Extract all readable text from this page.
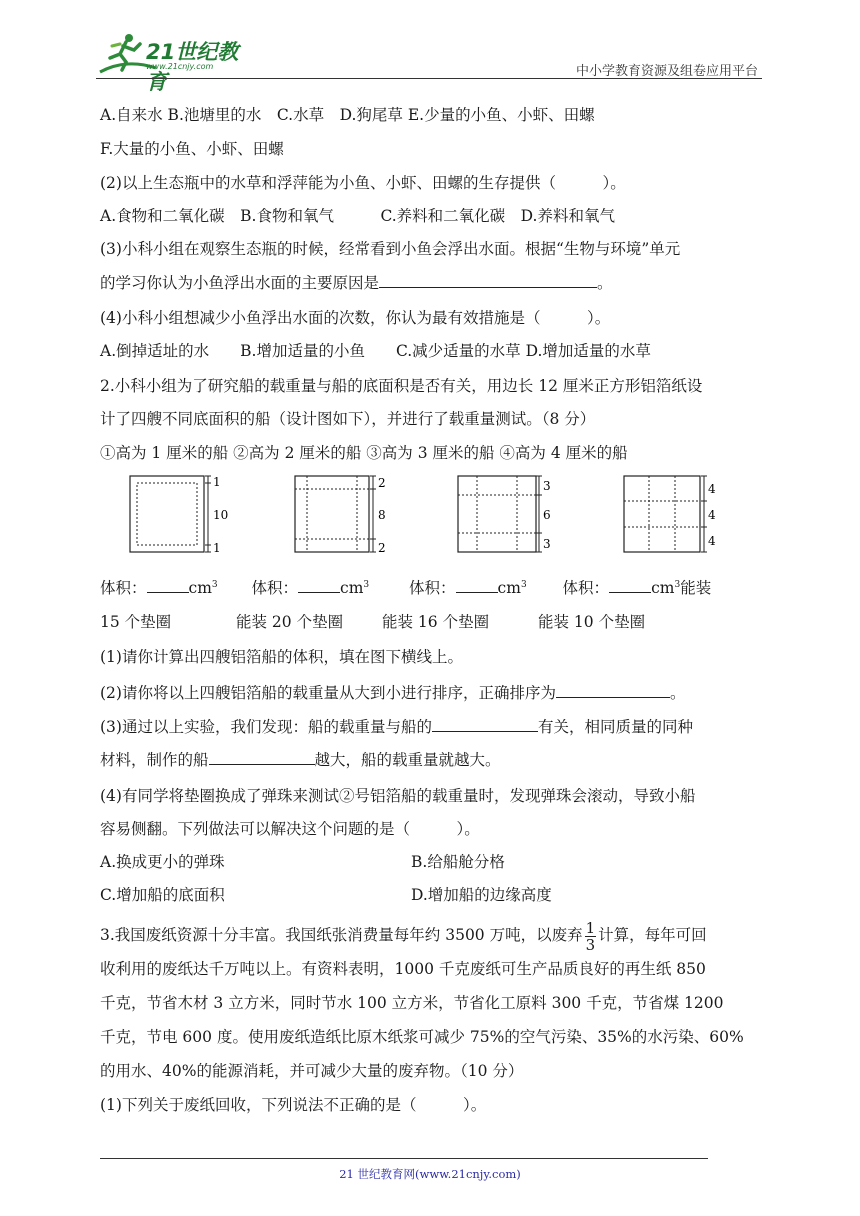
21世纪教育
www.21cnjy.com	中小学教育资源及组卷应用平台
A.自来水 B.池塘里的水　C.水草　D.狗尾草 E.少量的小鱼、小虾、田螺
F.大量的小鱼、小虾、田螺
(2)以上生态瓶中的水草和浮萍能为小鱼、小虾、田螺的生存提供（　　　）。
A.食物和二氧化碳　B.食物和氧气　　　C.养料和二氧化碳　D.养料和氧气
(3)小科小组在观察生态瓶的时候，经常看到小鱼会浮出水面。根据“生物与环境”单元
的学习你认为小鱼浮出水面的主要原因是	。
(4)小科小组想减少小鱼浮出水面的次数，你认为最有效措施是（　　　）。
A.倒掉适址的水　　B.增加适量的小鱼　　C.减少适量的水草 D.增加适量的水草
2.小科小组为了研究船的载重量与船的底面积是否有关，用边长 12 厘米正方形铝箔纸设
计了四艘不同底面积的船（设计图如下），并进行了载重量测试。（8 分）
①高为 1 厘米的船 ②高为 2 厘米的船 ③高为 3 厘米的船 ④高为 4 厘米的船
1
10
1
2
8
2
3
6
3
4
4
4
体积：	$cm^3$ 体积：	$cm^3$	体积：	$cm^3$ 体积：	$cm^3$能装
15 个垫圈	能装 20 个垫圈	能装 16 个垫圈	能装 10 个垫圈
(1)请你计算出四艘铝箔船的体积，填在图下横线上。
(2)请你将以上四艘铝箔船的载重量从大到小进行排序，正确排序为	。
(3)通过以上实验，我们发现：船的载重量与船的	有关，相同质量的同种
材料，制作的船	越大，船的载重量就越大。
(4)有同学将垫圈换成了弹珠来测试②号铝箔船的载重量时，发现弹珠会滚动，导致小船
容易侧翻。下列做法可以解决这个问题的是（　　　）。
A.换成更小的弹珠	B.给船舱分格
C.增加船的底面积	D.增加船的边缘高度
3.我国废纸资源十分丰富。我国纸张消费量每年约 3500 万吨，以废弃 $\frac{1}{3}$ 计算，每年可回
收利用的废纸达千万吨以上。有资料表明，1000 千克废纸可生产品质良好的再生纸 850
千克，节省木材 3 立方米，同时节水 100 立方米，节省化工原料 300 千克，节省煤 1200
千克，节电 600 度。使用废纸造纸比原木纸浆可减少 75%的空气污染、35%的水污染、60%
的用水、40%的能源消耗，并可减少大量的废弃物。（10 分）
(1)下列关于废纸回收，下列说法不正确的是（　　　）。
21 世纪教育网(www.21cnjy.com)
